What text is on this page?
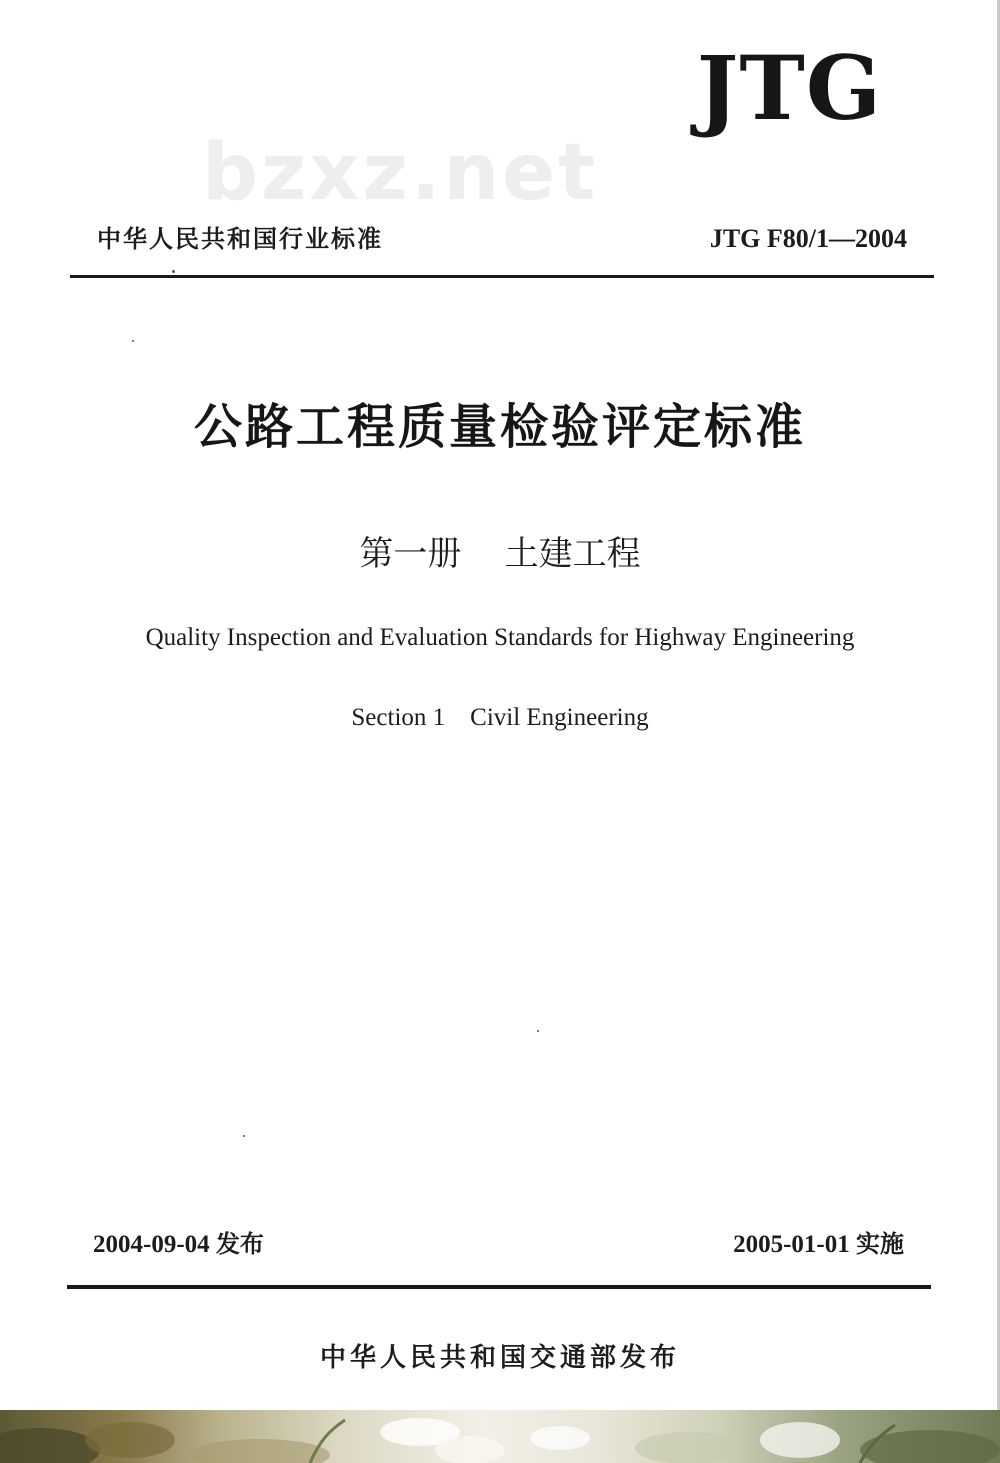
JTG
bzxz.net
中华人民共和国行业标准	JTG F80/1—2004
公路工程质量检验评定标准
第一册    土建工程
Quality Inspection and Evaluation Standards for Highway Engineering
Section 1    Civil Engineering
2004-09-04 发布	2005-01-01 实施
中华人民共和国交通部发布
